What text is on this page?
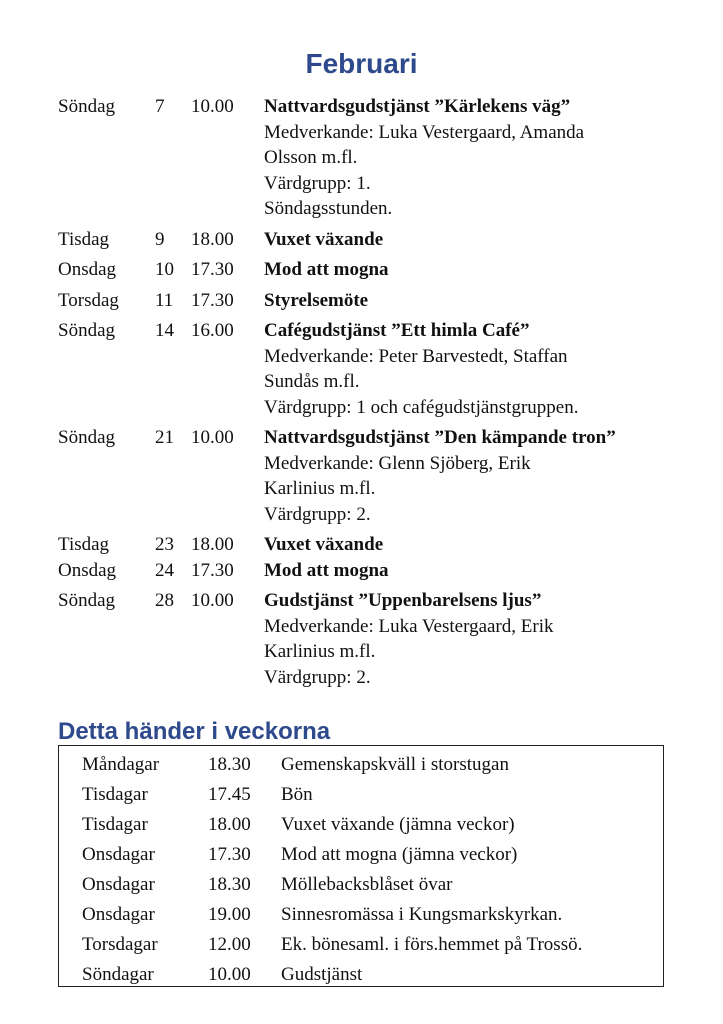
Februari
Söndag	7	10.00	Nattvardsgudstjänst ”Kärlekens väg”
Medverkande: Luka Vestergaard, Amanda
Olsson m.fl.
Värdgrupp: 1.
Söndagsstunden.
Tisdag	9	18.00	Vuxet växande
Onsdag	10 17.30	Mod att mogna
Torsdag	11 17.30	Styrelsemöte
Söndag	14 16.00	Cafégudstjänst ”Ett himla Café”
Medverkande: Peter Barvestedt, Staffan
Sundås m.fl.
Värdgrupp: 1 och cafégudstjänstgruppen.
Söndag	21 10.00	Nattvardsgudstjänst ”Den kämpande tron”
Medverkande: Glenn Sjöberg, Erik
Karlinius m.fl.
Värdgrupp: 2.
Tisdag	23 18.00	Vuxet växande
Onsdag	24 17.30	Mod att mogna
Söndag	28 10.00	Gudstjänst ”Uppenbarelsens ljus”
Medverkande: Luka Vestergaard, Erik
Karlinius m.fl.
Värdgrupp: 2.
Detta händer i veckorna
Måndagar	18.30	Gemenskapskväll i storstugan
Tisdagar	17.45	Bön
Tisdagar	18.00	Vuxet växande (jämna veckor)
Onsdagar	17.30	Mod att mogna (jämna veckor)
Onsdagar	18.30	Möllebacksblåset övar
Onsdagar	19.00	Sinnesromässa i Kungsmarkskyrkan.
Torsdagar	12.00	Ek. bönesaml. i förs.hemmet på Trossö.
Söndagar	10.00	Gudstjänst
